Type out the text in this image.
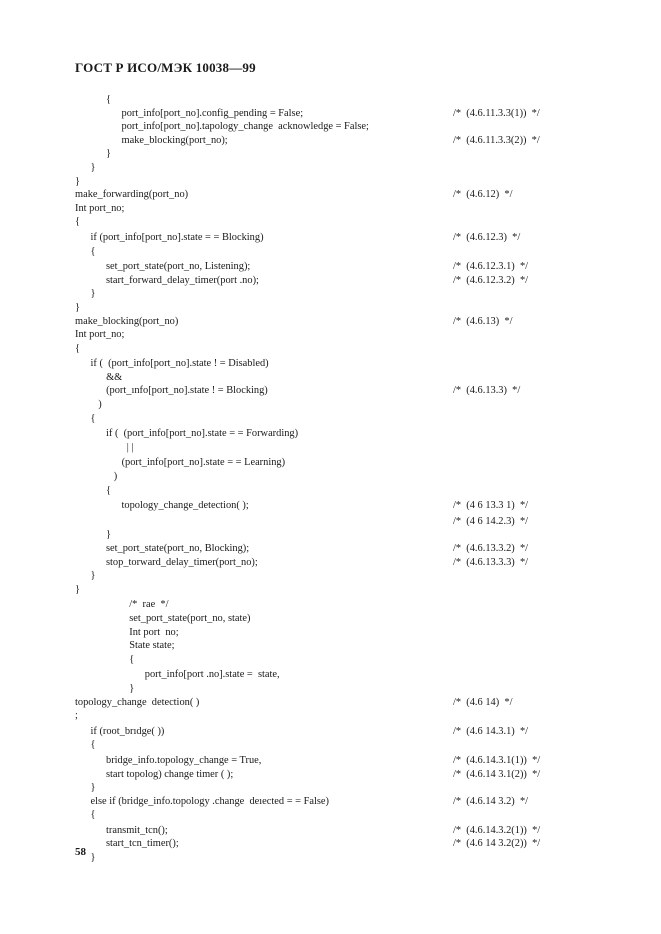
ГОСТ Р ИСО/МЭК 10038—99
{
port_info[port_no].config_pending = False;	/*  (4.6.11.3.3(1))  */
port_info[port_no].tapology_change  acknowledge = False;
make_blocking(port_no);	/*  (4.6.11.3.3(2))  */
}
}
}
make_forwarding(port_no)	/*  (4.6.12)  */
Int port_no;
{
if (port_info[port_no].state = = Blocking)	/*  (4.6.12.3)  */
{
set_port_state(port_no, Listening);	/*  (4.6.12.3.1)  */
start_forward_delay_timer(port .no);	/*  (4.6.12.3.2)  */
}
}
make_blocking(port_no)	/*  (4.6.13)  */
Int port_no;
{
if (  (port_info[port_no].state ! = Disabled)
&&
(port_ınfo[port_no].state ! = Blocking)	/*  (4.6.13.3)  */
)
{
if (  (port_info[port_no].state = = Forwarding)
| |
(port_info[port_no].state = = Learning)
)
{
topology_change_detection( );	/*  (4 6 13.3 1)  */
/*  (4 6 14.2.3)  */
}
set_port_state(port_no, Blocking);	/*  (4.6.13.3.2)  */
stop_torward_delay_timer(port_no);	/*  (4.6.13.3.3)  */
}
}
/*  rae  */
set_port_state(port_no, state)
Int port  no;
State state;
{
port_info[port .no].state =  state,
}
topology_change  detection( )	/*  (4.6 14)  */
;
if (root_brıdge( ))	/*  (4.6 14.3.1)  */
{
bridge_info.topology_change = True,	/*  (4.6.14.3.1(1))  */
start topolog) change timer ( );	/*  (4.6.14 3.1(2))  */
}
else if (bridge_info.topology .change  deıected = = False)	/*  (4.6.14 3.2)  */
{
transmit_tcn();	/*  (4.6.14.3.2(1))  */
start_tcn_timer();	/*  (4.6 14 3.2(2))  */
}
58
